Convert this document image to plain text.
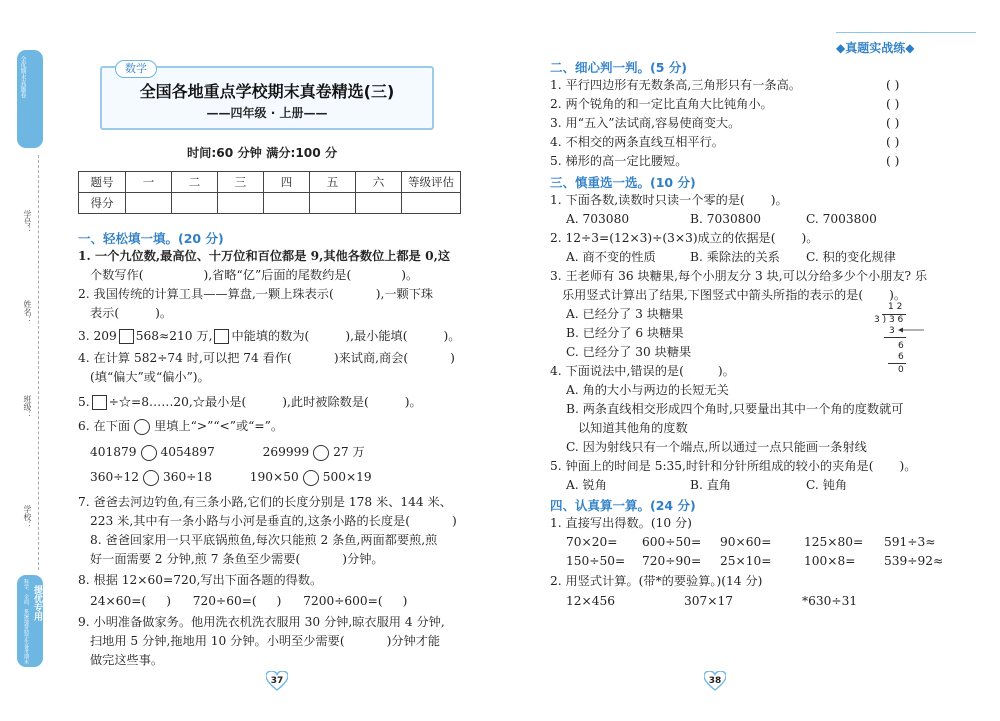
复习专用
全优期末真题卷
提优专用
科学、全面、系统地帮助学生备考期末
学号：
姓名：
班级：
学校：
全国各地重点学校期末真卷精选(三)
——四年级 · 上册——
数学
时间:60 分钟 满分:100 分
题号	一	二	三	四	五	六	等级评估
得分							
一、轻松填一填。(20 分)
1. 一个九位数,最高位、十万位和百位都是 9,其他各数位上都是 0,这
个数写作(	),省略“亿”后面的尾数约是(	)。
2. 我国传统的计算工具——算盘,一颗上珠表示(	),一颗下珠
表示(	)。
3. 209 568≈210 万, 中能填的数为(	),最小能填(	)。
4. 在计算 582÷74 时,可以把 74 看作(	)来试商,商会(	)
(填“偏大”或“偏小”)。
5. ÷☆=8……20,☆最小是(	),此时被除数是(	)。
6. 在下面 里填上“>”“<”或“=”。
401879 4054897	269999 27 万
360÷12 360÷18	190×50 500×19
7. 爸爸去河边钓鱼,有三条小路,它们的长度分别是 178 米、144 米、
223 米,其中有一条小路与小河是垂直的,这条小路的长度是(	)
8. 爸爸回家用一只平底锅煎鱼,每次只能煎 2 条鱼,两面都要煎,煎
好一面需要 2 分钟,煎 7 条鱼至少需要(	)分钟。
8. 根据 12×60=720,写出下面各题的得数。
24×60=( ) 720÷60=( ) 7200÷600=( )
9. 小明准备做家务。他用洗衣机洗衣服用 30 分钟,晾衣服用 4 分钟,
扫地用 5 分钟,拖地用 10 分钟。小明至少需要(	)分钟才能
做完这些事。
37
◆真题实战练◆
二、细心判一判。(5 分)
1. 平行四边形有无数条高,三角形只有一条高。
2. 两个锐角的和一定比直角大比钝角小。
3. 用“五入”法试商,容易使商变大。
4. 不相交的两条直线互相平行。
5. 梯形的高一定比腰短。
( )
( )
( )
( )
( )
三、慎重选一选。(10 分)
1. 下面各数,读数时只读一个零的是( )。
A. 703080	B. 7030800	C. 7003800
2. 12÷3=(12×3)÷(3×3)成立的依据是( )。
A. 商不变的性质	B. 乘除法的关系 C. 积的变化规律
3. 王老师有 36 块糖果,每个小朋友分 3 块,可以分给多少个小朋友? 乐
乐用竖式计算出了结果,下图竖式中箭头所指的表示的是( )。
A. 已经分了 3 块糖果
B. 已经分了 6 块糖果
C. 已经分了 30 块糖果
1 2
3 ) 3 6
3
6
6
0
4. 下面说法中,错误的是(	)。
A. 角的大小与两边的长短无关
B. 两条直线相交形成四个角时,只要量出其中一个角的度数就可
以知道其他角的度数
C. 因为射线只有一个端点,所以通过一点只能画一条射线
5. 钟面上的时间是 5:35,时针和分针所组成的较小的夹角是( )。
A. 锐角	B. 直角	C. 钝角
四、认真算一算。(24 分)
1. 直接写出得数。(10 分)
70×20= 600÷50= 90×60=	125×80= 591÷3≈
150÷50= 720÷90= 25×10=	100×8= 539÷92≈
2. 用竖式计算。(带*的要验算。)(14 分)
12×456	307×17	*630÷31
38
